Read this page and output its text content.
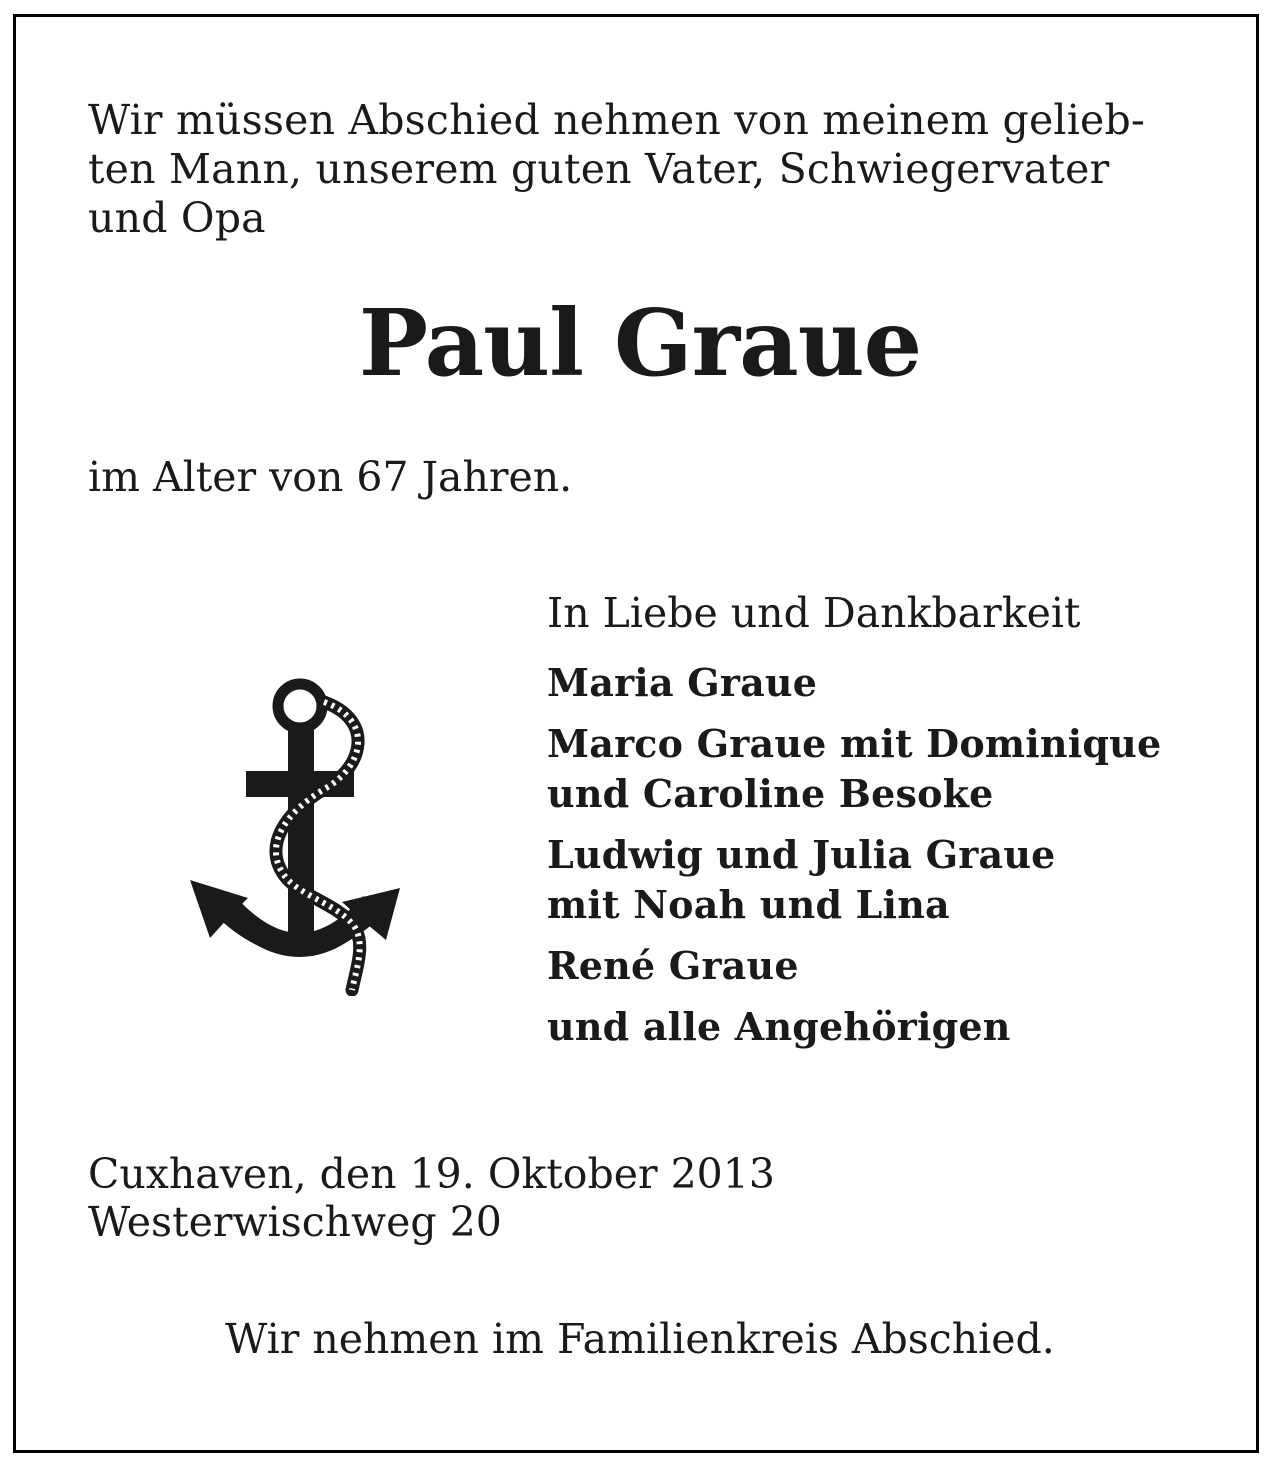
Wir müssen Abschied nehmen von meinem gelieb-
ten Mann, unserem guten Vater, Schwiegervater
und Opa

Paul Graue

im Alter von 67 Jahren.

In Liebe und Dankbarkeit

Maria Graue
Marco Graue mit Dominique
und Caroline Besoke
Ludwig und Julia Graue
mit Noah und Lina
René Graue
und alle Angehörigen

Cuxhaven, den 19. Oktober 2013

Westerwischweg 20

Wir nehmen im Familienkreis Abschied.
